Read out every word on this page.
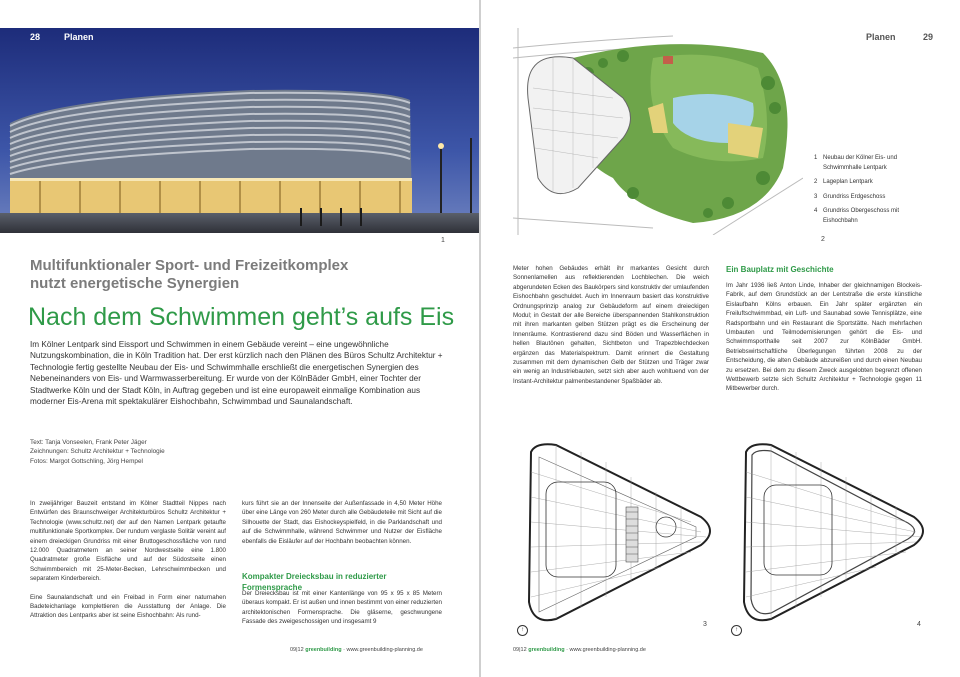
28	Planen
1
Multifunktionaler Sport- und Freizeitkomplex
nutzt energetische Synergien
Nach dem Schwimmen geht’s aufs Eis
Im Kölner Lentpark sind Eissport und Schwimmen in einem Gebäude vereint – eine ungewöhnliche Nutzungskombination, die in Köln Tradition hat. Der erst kürzlich nach den Plänen des Büros Schultz Architektur + Technologie fertig gestellte Neubau der Eis- und Schwimmhalle erschließt die energetischen Synergien des Nebeneinanders von Eis- und Warmwasserbereitung. Er wurde von der KölnBäder GmbH, einer Tochter der Stadtwerke Köln und der Stadt Köln, in Auftrag gegeben und ist eine europaweit einmalige Kombination aus moderner Eis-Arena mit spektakulärer Eishochbahn, Schwimmbad und Saunalandschaft.
Text: Tanja Vonseelen, Frank Peter Jäger
Zeichnungen: Schultz Architektur + Technologie
Fotos: Margot Gottschling, Jörg Hempel

In zweijähriger Bauzeit entstand im Kölner Stadtteil Nippes nach Entwürfen des Braunschweiger Architekturbüros Schultz Architektur + Technologie (www.schultz.net) der auf den Namen Lentpark getaufte multifunktionale Sportkomplex. Der rundum verglaste Solitär vereint auf einem dreieckigen Grundriss mit einer Bruttogeschossfläche von rund 12.000 Quadratmetern an seiner Nordwestseite eine 1.800 Quadratmeter große Eisfläche und auf der Südostseite einen Schwimmbereich mit 25-Meter-Becken, Lehrschwimmbecken und separatem Kinderbereich.

Eine Saunalandschaft und ein Freibad in Form einer naturnahen Badeteichanlage komplettieren die Ausstattung der Anlage. Die Attraktion des Lentparks aber ist seine Eishochbahn: Als rund-

kurs führt sie an der Innenseite der Außenfassade in 4,50 Meter Höhe über eine Länge von 260 Meter durch alle Gebäudeteile mit Sicht auf die Silhouette der Stadt, das Eishockeyspielfeld, in die Parklandschaft und auf die Schwimmhalle, während Schwimmer und Nutzer der Eisfläche ebenfalls die Eisläufer auf der Hochbahn beobachten können.

Kompakter Dreiecksbau in reduzierter Formensprache

Der Dreiecksbau ist mit einer Kantenlänge von 95 x 95 x 85 Metern überaus kompakt. Er ist außen und innen bestimmt von einer reduzierten architektonischen Formensprache. Die gläserne, geschwungene Fassade des zweigeschossigen und insgesamt 9

Planen	29
2
1 Neubau der Kölner Eis- und Schwimmhalle Lentpark
2 Lageplan Lentpark
3 Grundriss Erdgeschoss
4 Grundriss Obergeschoss mit Eishochbahn

Meter hohen Gebäudes erhält ihr markantes Gesicht durch Sonnenlamellen aus reflektierenden Lochblechen. Die weich abgerundeten Ecken des Baukörpers sind konstruktiv der umlaufenden Eishochbahn geschuldet. Auch im Innenraum basiert das konstruktive Ordnungsprinzip analog zur Gebäudeform auf einem dreieckigen Modul; in Gestalt der alle Bereiche überspannenden Stahlkonstruktion mit ihren markanten gelben Stützen prägt es die Erscheinung der Innenräume. Kontrastierend dazu sind Böden und Wasserflächen in hellen Blautönen gehalten, Sichtbeton und Trapezblechdecken ergänzen das Materialspektrum. Damit erinnert die Gestaltung zusammen mit dem dynamischen Gelb der Stützen und Träger zwar ein wenig an Industriebauten, setzt sich aber auch wohltuend von der Instant-Architektur palmenbestandener Spaßbäder ab.

Ein Bauplatz mit Geschichte

Im Jahr 1936 ließ Anton Linde, Inhaber der gleichnamigen Blockeis-Fabrik, auf dem Grundstück an der Lentstraße die erste künstliche Eislaufbahn Kölns erbauen. Ein Jahr später ergänzten ein Freiluftschwimmbad, ein Luft- und Saunabad sowie Tennisplätze, eine Radsportbahn und ein Restaurant die Sportstätte. Nach mehrfachen Umbauten und Teilmodernisierungen gehört die Eis- und Schwimmsporthalle seit 2007 zur KölnBäder GmbH. Betriebswirtschaftliche Überlegungen führten 2008 zu der Entscheidung, die alten Gebäude abzureißen und durch einen Neubau zu ersetzen. Bei dem zu diesem Zweck ausgelobten begrenzt offenen Wettbewerb setzte sich Schultz Architektur + Technologie gegen 11 Mitbewerber durch.

↑
3
↑
4
09|12 greenbuilding · www.greenbuilding-planning.de	09|12 greenbuilding · www.greenbuilding-planning.de
